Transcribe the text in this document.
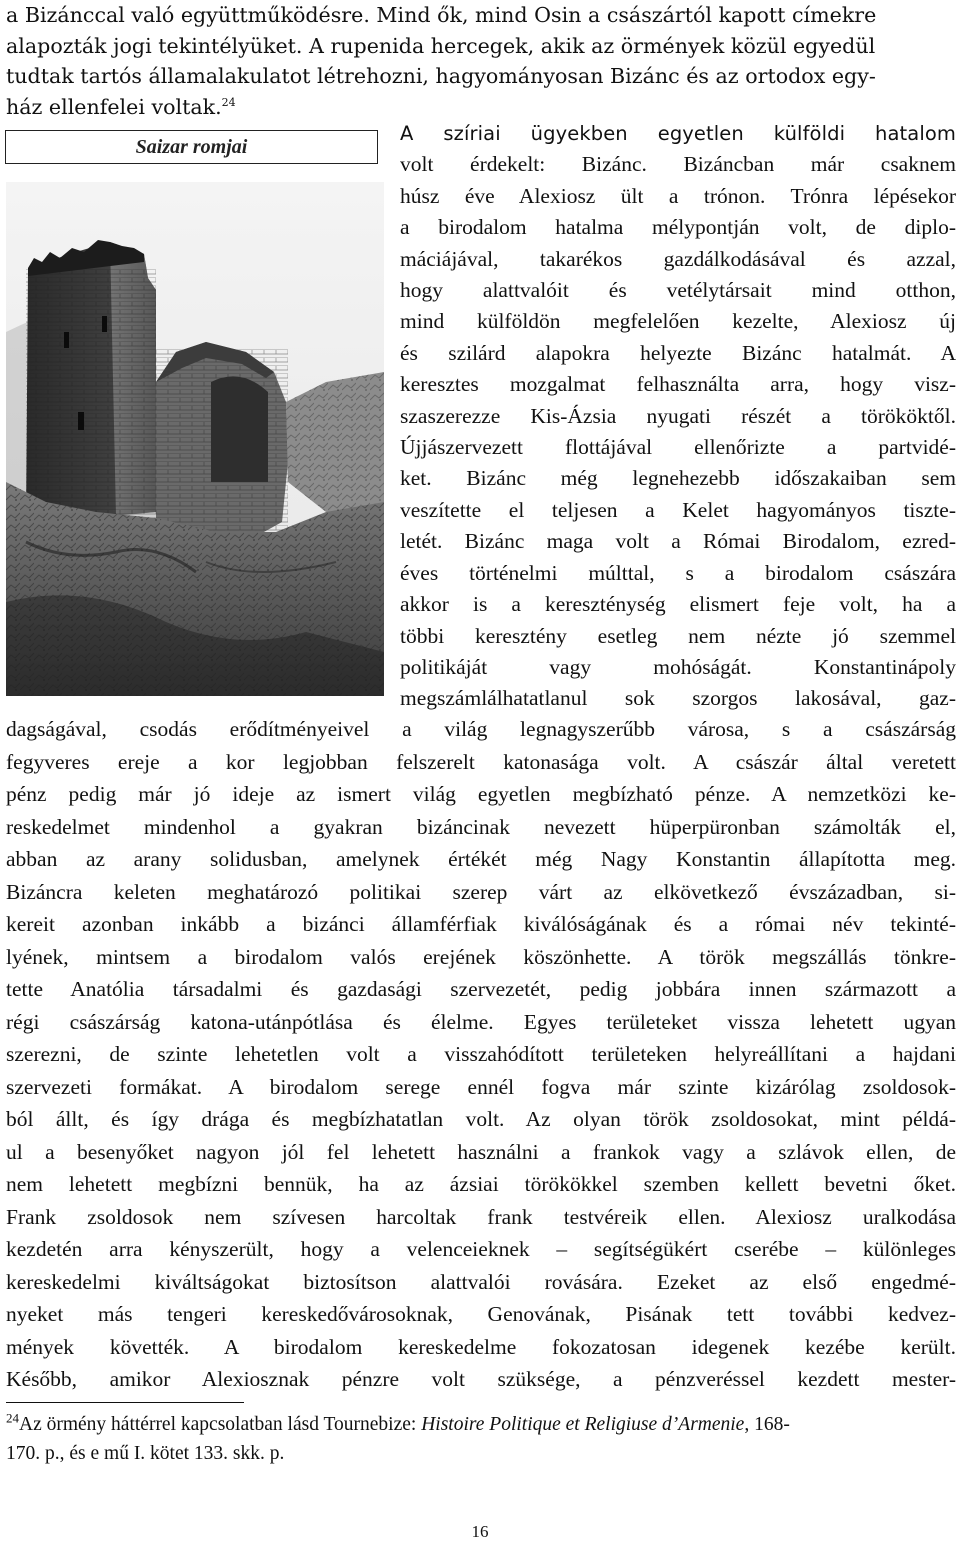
a Bizánccal való együttműködésre. Mind ők, mind Osin a császártól kapott címekre
alapozták jogi tekintélyüket. A rupenida hercegek, akik az örmények közül egyedül
tudtak tartós államalakulatot létrehozni, hagyományosan Bizánc és az ortodox egy-
ház ellenfelei voltak.$^{24}$
Saizar romjai
A szíriai ügyekben egyetlen külföldi hatalom
volt érdekelt: Bizánc. Bizáncban már csaknem
húsz éve Alexiosz ült a trónon. Trónra lépésekor
a birodalom hatalma mélypontján volt, de diplo-
máciájával, takarékos gazdálkodásával és azzal,
hogy alattvalóit és vetélytársait mind otthon,
mind külföldön megfelelően kezelte, Alexiosz új
és szilárd alapokra helyezte Bizánc hatalmát. A
keresztes mozgalmat felhasználta arra, hogy visz-
szaszerezze Kis-Ázsia nyugati részét a törököktől.
Újjászervezett flottájával ellenőrizte a partvidé-
ket. Bizánc még legnehezebb időszakaiban sem
veszítette el teljesen a Kelet hagyományos tiszte-
letét. Bizánc maga volt a Római Birodalom, ezred-
éves történelmi múlttal, s a birodalom császára
akkor is a kereszténység elismert feje volt, ha a
többi keresztény esetleg nem nézte jó szemmel
politikáját vagy mohóságát. Konstantinápoly
megszámlálhatatlanul sok szorgos lakosával, gaz-
dagságával, csodás erődítményeivel a világ legnagyszerűbb városa, s a császárság
fegyveres ereje a kor legjobban felszerelt katonasága volt. A császár által veretett
pénz pedig már jó ideje az ismert világ egyetlen megbízható pénze. A nemzetközi ke-
reskedelmet mindenhol a gyakran bizáncinak nevezett hüperpüronban számolták el,
abban az arany solidusban, amelynek értékét még Nagy Konstantin állapította meg.
Bizáncra keleten meghatározó politikai szerep várt az elkövetkező évszázadban, si-
kereit azonban inkább a bizánci államférfiak kiválóságának és a római név tekinté-
lyének, mintsem a birodalom valós erejének köszönhette. A török megszállás tönkre-
tette Anatólia társadalmi és gazdasági szervezetét, pedig jobbára innen származott a
régi császárság katona-utánpótlása és élelme. Egyes területeket vissza lehetett ugyan
szerezni, de szinte lehetetlen volt a visszahódított területeken helyreállítani a hajdani
szervezeti formákat. A birodalom serege ennél fogva már szinte kizárólag zsoldosok-
ból állt, és így drága és megbízhatatlan volt. Az olyan török zsoldosokat, mint példá-
ul a besenyőket nagyon jól fel lehetett használni a frankok vagy a szlávok ellen, de
nem lehetett megbízni bennük, ha az ázsiai törökökkel szemben kellett bevetni őket.
Frank zsoldosok nem szívesen harcoltak frank testvéreik ellen. Alexiosz uralkodása
kezdetén arra kényszerült, hogy a velenceieknek – segítségükért cserébe – különleges
kereskedelmi kiváltságokat biztosítson alattvalói rovására. Ezeket az első engedmé-
nyeket más tengeri kereskedővárosoknak, Genovának, Pisának tett további kedvez-
mények követték. A birodalom kereskedelme fokozatosan idegenek kezébe került.
Később, amikor Alexiosznak pénzre volt szüksége, a pénzveréssel kezdett mester-
$^{24}$Az örmény háttérrel kapcsolatban lásd Tournebize: Histoire Politique et Religiuse d’Armenie, 168-
170. p., és e mű I. kötet 133. skk. p.
16
